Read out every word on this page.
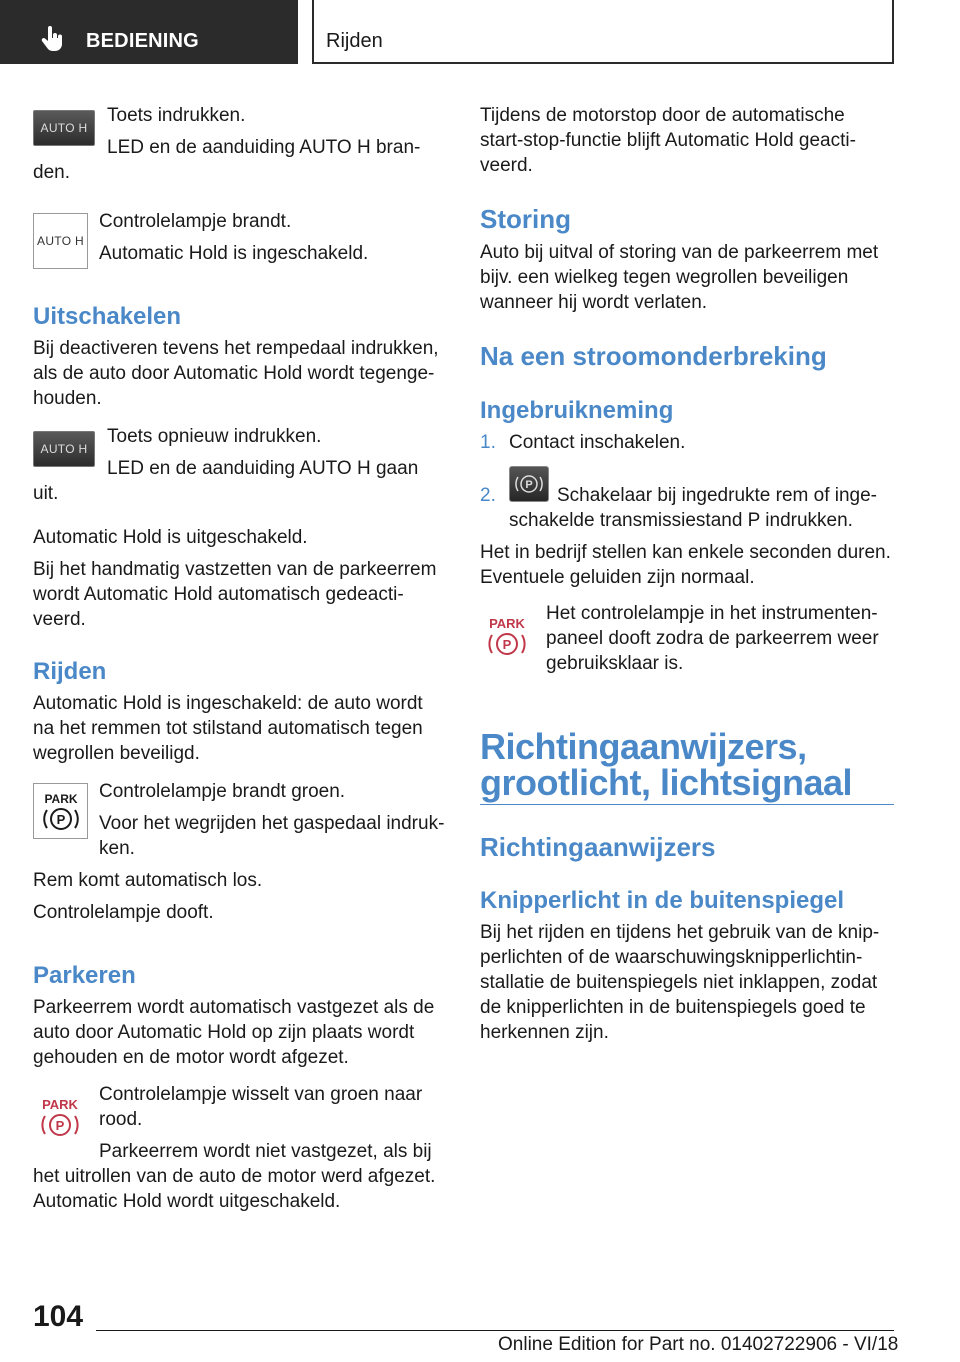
BEDIENING	Rijden
AUTO H

Toets indrukken.

LED en de aanduiding AUTO H bran-

den.

AUTO H

Controlelampje brandt.

Automatic Hold is ingeschakeld.

Uitschakelen

Bij deactiveren tevens het rempedaal indrukken,

als de auto door Automatic Hold wordt tegenge-

houden.

AUTO H

Toets opnieuw indrukken.

LED en de aanduiding AUTO H gaan

uit.

Automatic Hold is uitgeschakeld.

Bij het handmatig vastzetten van de parkeerrem

wordt Automatic Hold automatisch gedeacti-

veerd.

Rijden

Automatic Hold is ingeschakeld: de auto wordt

na het remmen tot stilstand automatisch tegen

wegrollen beveiligd.

PARK
P

Controlelampje brandt groen.

Voor het wegrijden het gaspedaal indruk-

ken.

Rem komt automatisch los.

Controlelampje dooft.

Parkeren

Parkeerrem wordt automatisch vastgezet als de

auto door Automatic Hold op zijn plaats wordt

gehouden en de motor wordt afgezet.

PARK
P

Controlelampje wisselt van groen naar

rood.

Parkeerrem wordt niet vastgezet, als bij

het uitrollen van de auto de motor werd afgezet.

Automatic Hold wordt uitgeschakeld.

Tijdens de motorstop door de automatische

start-stop-functie blijft Automatic Hold geacti-

veerd.

Storing

Auto bij uitval of storing van de parkeerrem met

bijv. een wielkeg tegen wegrollen beveiligen

wanneer hij wordt verlaten.

Na een stroomonderbreking

Ingebruikneming

1. Contact inschakelen.

2.	P Schakelaar bij ingedrukte rem of inge-

schakelde transmissiestand P indrukken.

Het in bedrijf stellen kan enkele seconden duren.

Eventuele geluiden zijn normaal.

PARK
P

Het controlelampje in het instrumenten-

paneel dooft zodra de parkeerrem weer

gebruiksklaar is.

Richtingaanwijzers,

grootlicht, lichtsignaal

Richtingaanwijzers

Knipperlicht in de buitenspiegel

Bij het rijden en tijdens het gebruik van de knip-

perlichten of de waarschuwingsknipperlichtin-

stallatie de buitenspiegels niet inklappen, zodat

de knipperlichten in de buitenspiegels goed te

herkennen zijn.

104

Online Edition for Part no. 01402722906 - VI/18
